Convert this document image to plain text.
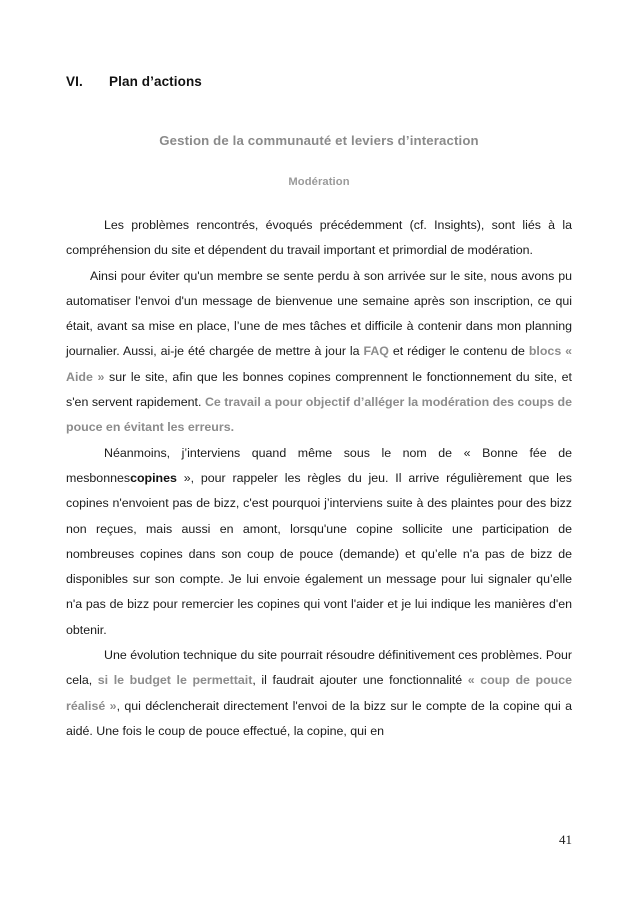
VI.	Plan d’actions
Gestion de la communauté et leviers d’interaction
Modération

Les problèmes rencontrés, évoqués précédemment (cf. Insights), sont liés à la compréhension du site et dépendent du travail important et primordial de modération.

Ainsi pour éviter qu'un membre se sente perdu à son arrivée sur le site, nous avons pu automatiser l'envoi d'un message de bienvenue une semaine après son inscription, ce qui était, avant sa mise en place, l’une de mes tâches et difficile à contenir dans mon planning journalier. Aussi, ai-je été chargée de mettre à jour la FAQ et rédiger le contenu de blocs « Aide » sur le site, afin que les bonnes copines comprennent le fonctionnement du site, et s'en servent rapidement. Ce travail a pour objectif d’alléger la modération des coups de pouce en évitant les erreurs.

Néanmoins, j’interviens quand même sous le nom de « Bonne fée de mesbonnescopines », pour rappeler les règles du jeu. Il arrive régulièrement que les copines n'envoient pas de bizz, c'est pourquoi j’interviens suite à des plaintes pour des bizz non reçues, mais aussi en amont, lorsqu'une copine sollicite une participation de nombreuses copines dans son coup de pouce (demande) et qu’elle n'a pas de bizz de disponibles sur son compte. Je lui envoie également un message pour lui signaler qu’elle n'a pas de bizz pour remercier les copines qui vont l'aider et je lui indique les manières d'en obtenir.

Une évolution technique du site pourrait résoudre définitivement ces problèmes. Pour cela, si le budget le permettait, il faudrait ajouter une fonctionnalité « coup de pouce réalisé », qui déclencherait directement l'envoi de la bizz sur le compte de la copine qui a aidé. Une fois le coup de pouce effectué, la copine, qui en

41
